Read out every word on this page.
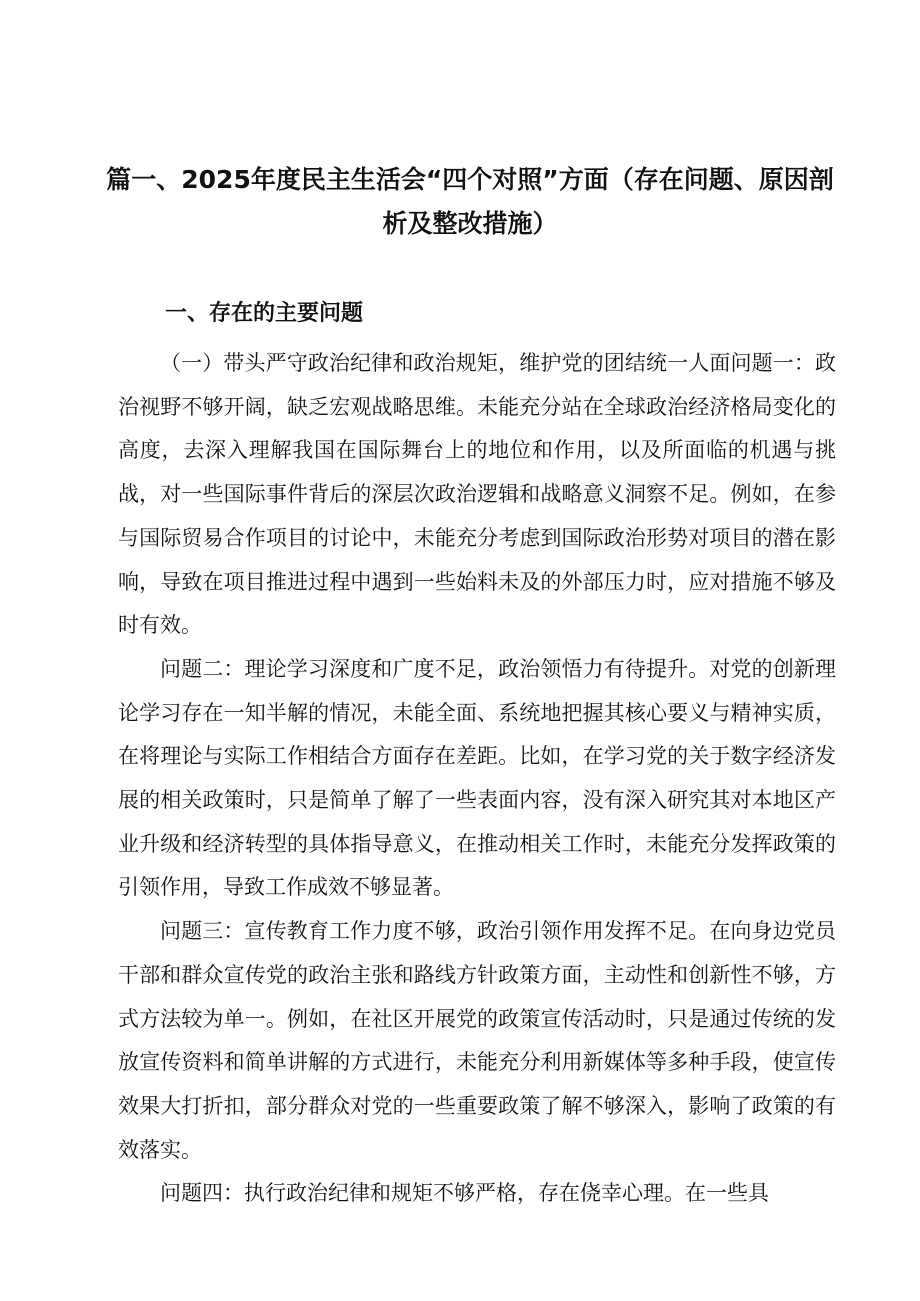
篇一、2025年度民主生活会“四个对照”方面（存在问题、原因剖析及整改措施）
一、存在的主要问题

（一）带头严守政治纪律和政治规矩，维护党的团结统一人面问题一：政治视野不够开阔，缺乏宏观战略思维。未能充分站在全球政治经济格局变化的高度，去深入理解我国在国际舞台上的地位和作用，以及所面临的机遇与挑战，对一些国际事件背后的深层次政治逻辑和战略意义洞察不足。例如，在参与国际贸易合作项目的讨论中，未能充分考虑到国际政治形势对项目的潜在影响，导致在项目推进过程中遇到一些始料未及的外部压力时，应对措施不够及时有效。

问题二：理论学习深度和广度不足，政治领悟力有待提升。对党的创新理论学习存在一知半解的情况，未能全面、系统地把握其核心要义与精神实质，在将理论与实际工作相结合方面存在差距。比如，在学习党的关于数字经济发展的相关政策时，只是简单了解了一些表面内容，没有深入研究其对本地区产业升级和经济转型的具体指导意义，在推动相关工作时，未能充分发挥政策的引领作用，导致工作成效不够显著。

问题三：宣传教育工作力度不够，政治引领作用发挥不足。在向身边党员干部和群众宣传党的政治主张和路线方针政策方面，主动性和创新性不够，方式方法较为单一。例如，在社区开展党的政策宣传活动时，只是通过传统的发放宣传资料和简单讲解的方式进行，未能充分利用新媒体等多种手段，使宣传效果大打折扣，部分群众对党的一些重要政策了解不够深入，影响了政策的有效落实。

问题四：执行政治纪律和规矩不够严格，存在侥幸心理。在一些具
